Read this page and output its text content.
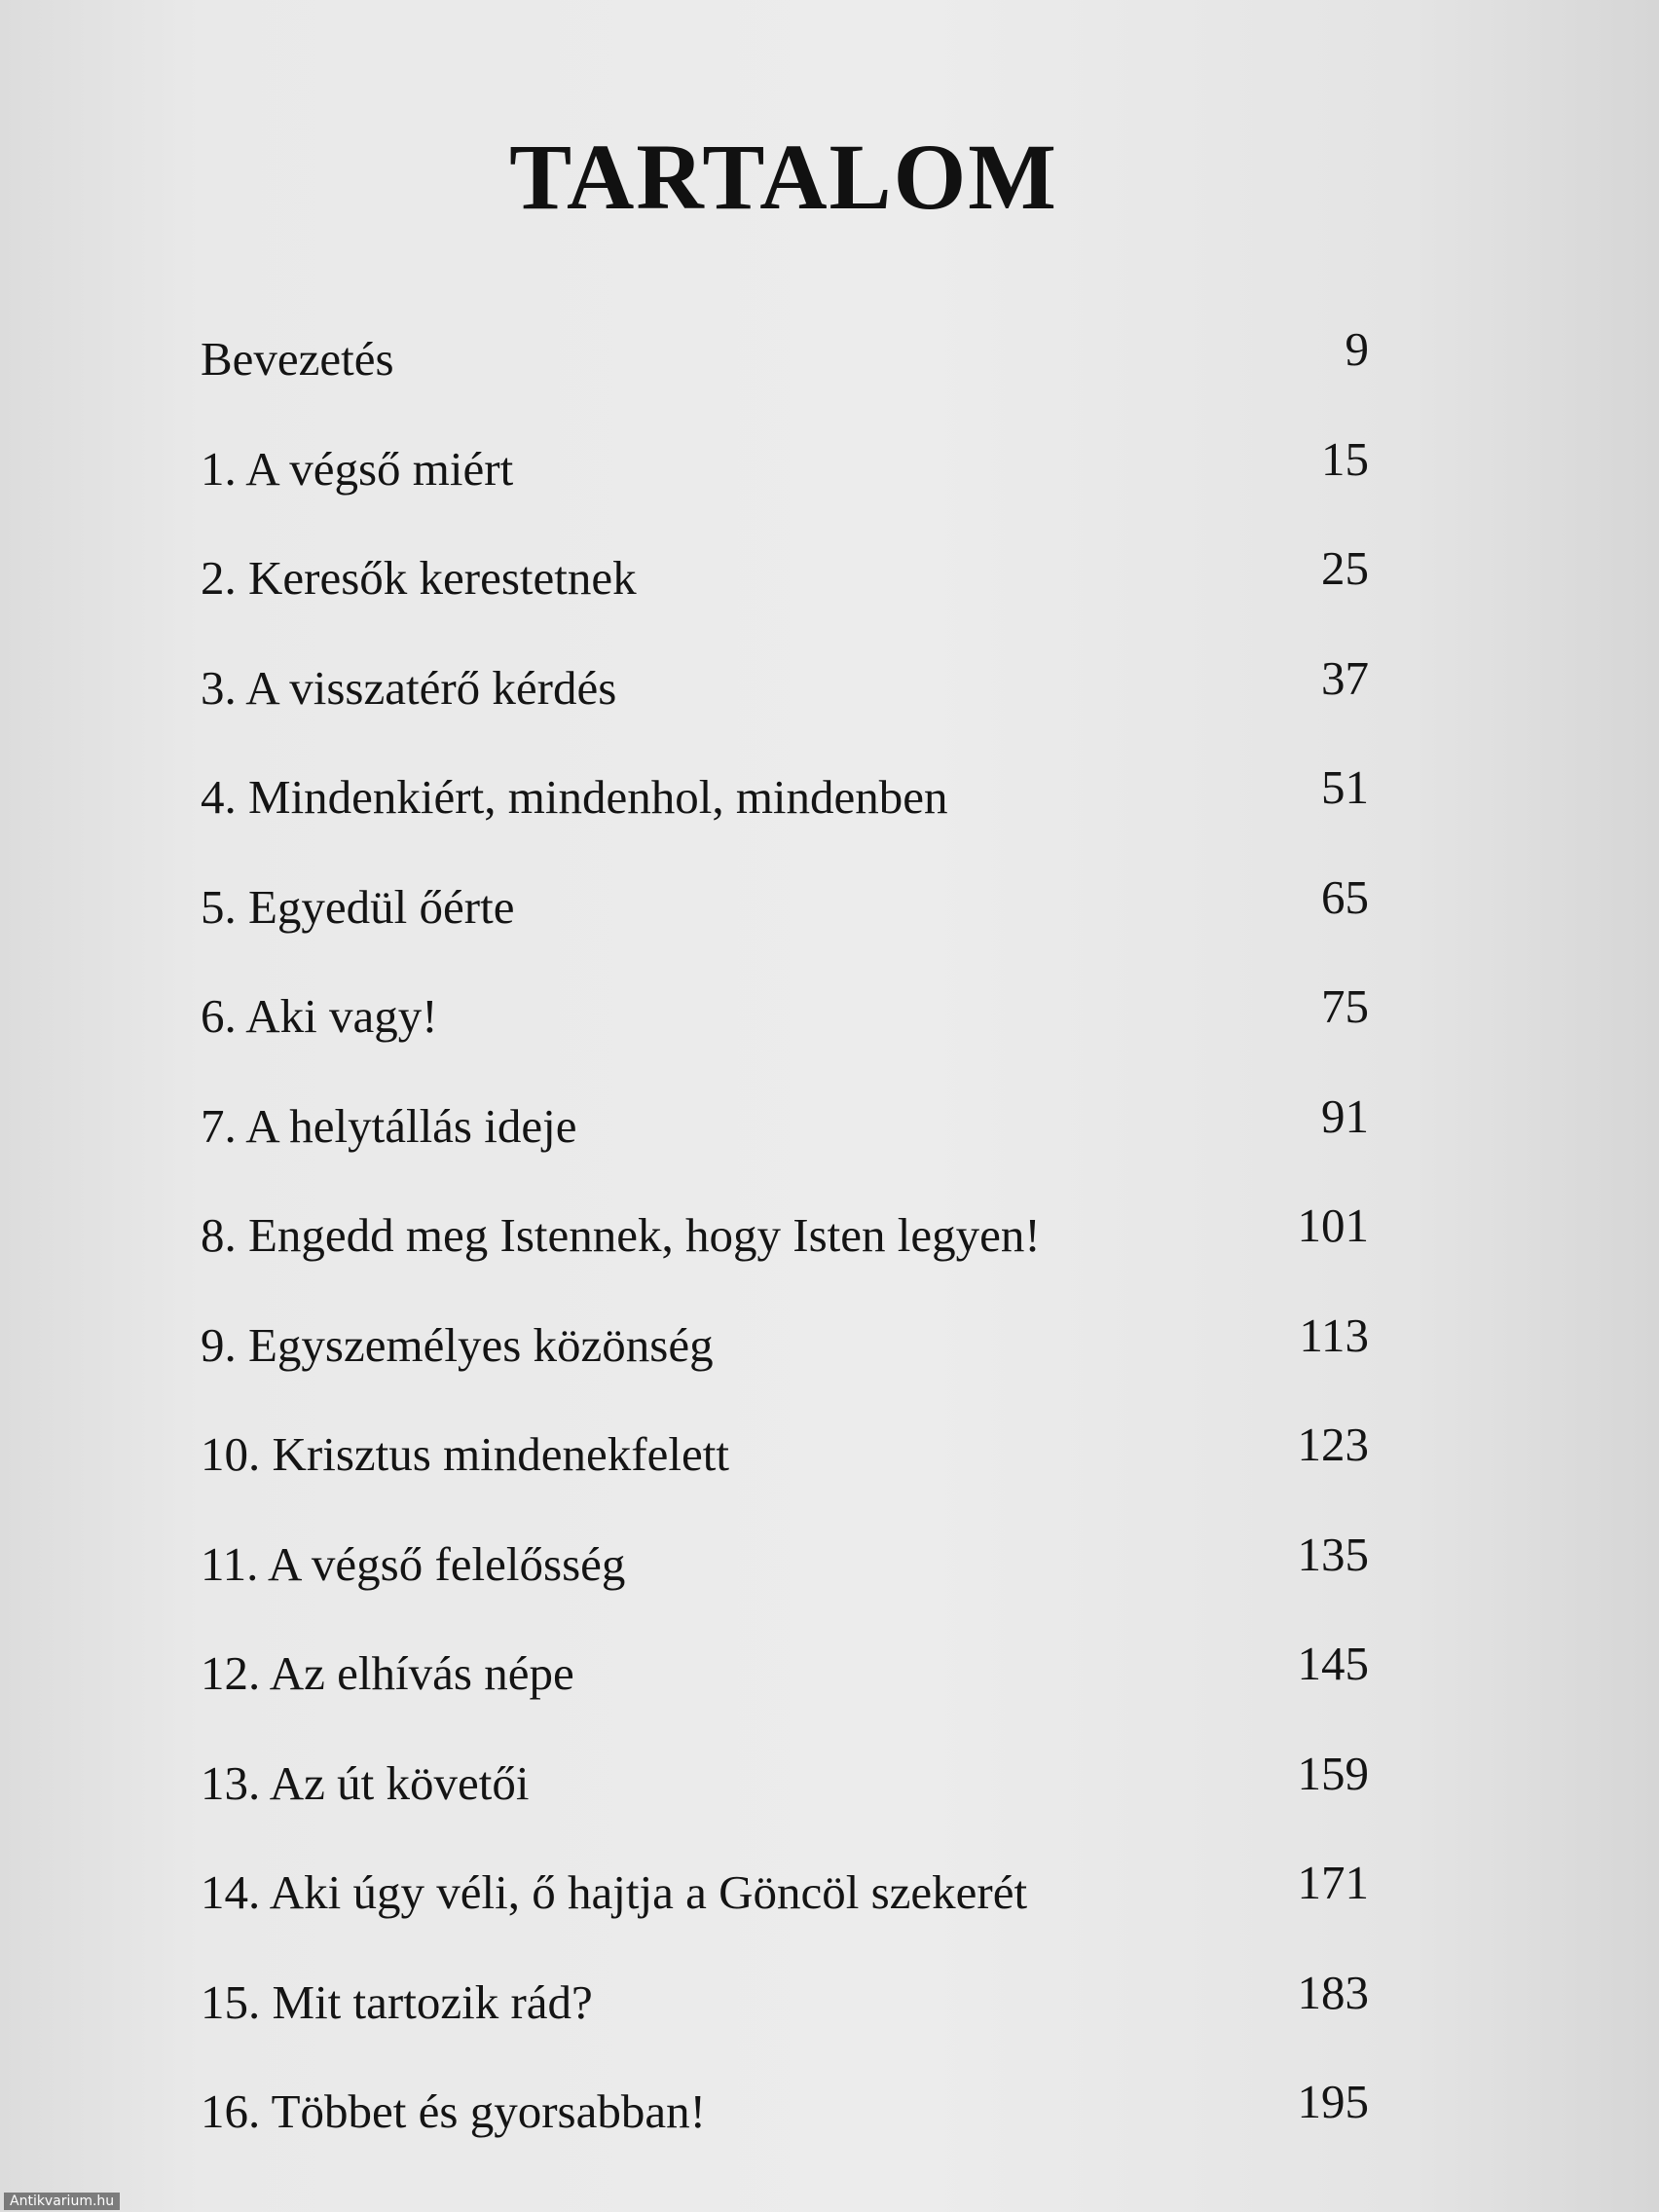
TARTALOM
Bevezetés	9
1. A végső miért	15
2. Keresők kerestetnek	25
3. A visszatérő kérdés	37
4. Mindenkiért, mindenhol, mindenben	51
5. Egyedül őérte	65
6. Aki vagy!	75
7. A helytállás ideje	91
8. Engedd meg Istennek, hogy Isten legyen!	101
9. Egyszemélyes közönség	113
10. Krisztus mindenekfelett	123
11. A végső felelősség	135
12. Az elhívás népe	145
13. Az út követői	159
14. Aki úgy véli, ő hajtja a Göncöl szekerét	171
15. Mit tartozik rád?	183
16. Többet és gyorsabban!	195
Antikvarium.hu
